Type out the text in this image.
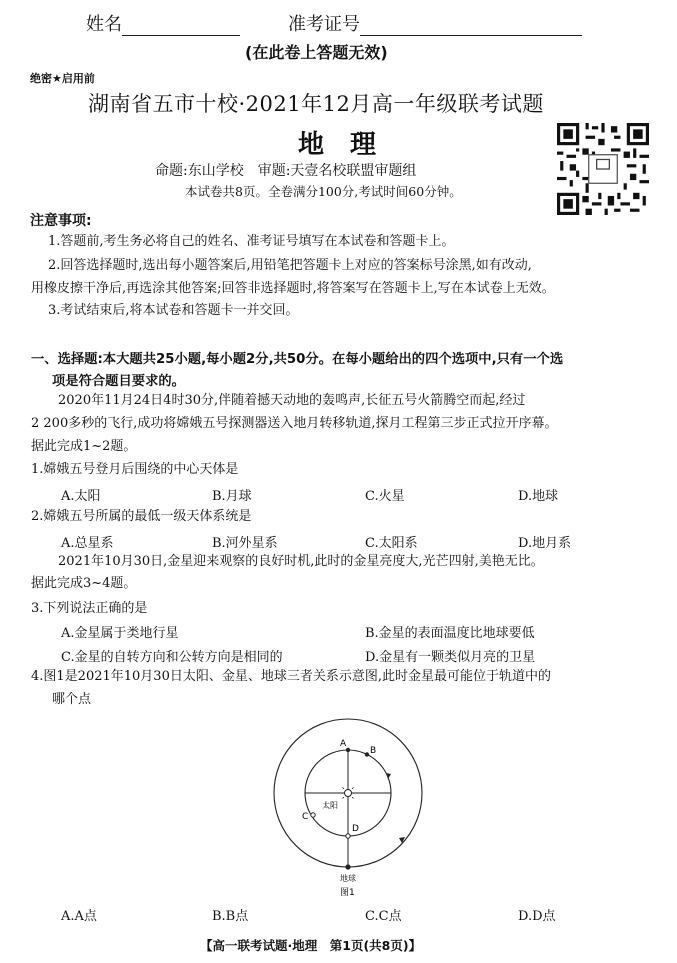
姓名	准考证号
(在此卷上答题无效)
绝密★启用前
湖南省五市十校·2021年12月高一年级联考试题
地　理
命题:东山学校　审题:天壹名校联盟审题组
本试卷共8页。全卷满分100分,考试时间60分钟。
注意事项:
1.答题前,考生务必将自己的姓名、准考证号填写在本试卷和答题卡上。
2.回答选择题时,选出每小题答案后,用铅笔把答题卡上对应的答案标号涂黑,如有改动,
用橡皮擦干净后,再选涂其他答案;回答非选择题时,将答案写在答题卡上,写在本试卷上无效。
3.考试结束后,将本试卷和答题卡一并交回。
一、选择题:本大题共25小题,每小题2分,共50分。在每小题给出的四个选项中,只有一个选
项是符合题目要求的。
2020年11月24日4时30分,伴随着撼天动地的轰鸣声,长征五号火箭腾空而起,经过
2 200多秒的飞行,成功将嫦娥五号探测器送入地月转移轨道,探月工程第三步正式拉开序幕。
据此完成1~2题。
1.嫦娥五号登月后围绕的中心天体是
A.太阳	B.月球	C.火星	D.地球
2.嫦娥五号所属的最低一级天体系统是
A.总星系	B.河外星系	C.太阳系	D.地月系
2021年10月30日,金星迎来观察的良好时机,此时的金星亮度大,光芒四射,美艳无比。
据此完成3~4题。
3.下列说法正确的是
A.金星属于类地行星	B.金星的表面温度比地球要低
C.金星的自转方向和公转方向是相同的	D.金星有一颗类似月亮的卫星
4.图1是2021年10月30日太阳、金星、地球三者关系示意图,此时金星最可能位于轨道中的
哪个点
A
B
C
D
太阳
地球
图1
A.A点	B.B点	C.C点	D.D点
【高一联考试题·地理　第1页(共8页)】
